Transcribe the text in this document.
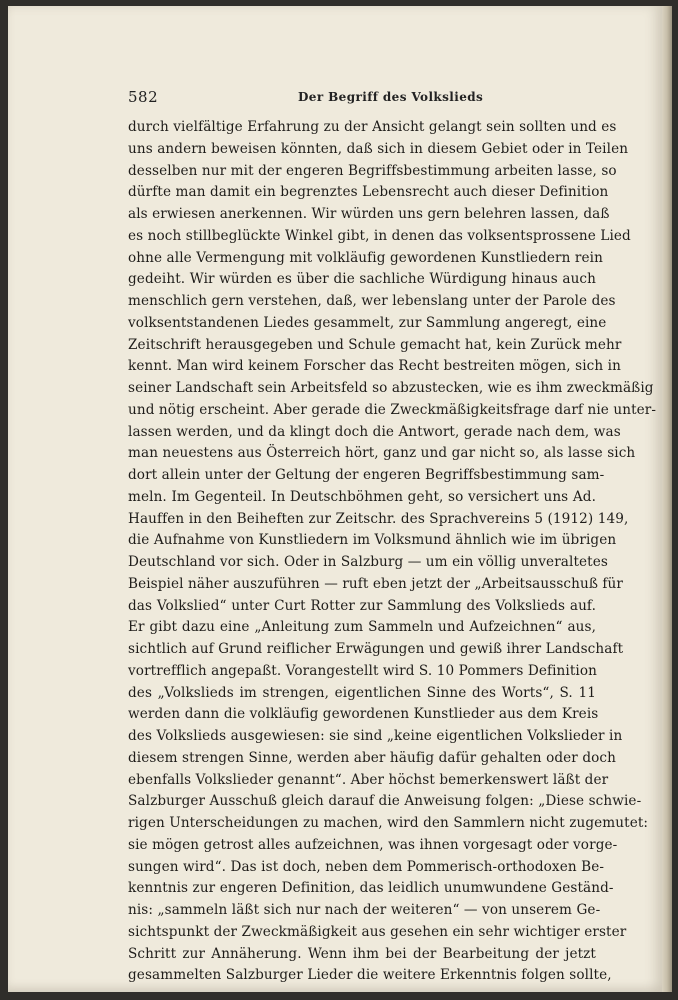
582	Der Begriff des Volkslieds
durch vielfältige Erfahrung zu der Ansicht gelangt sein sollten und es
uns andern beweisen könnten, daß sich in diesem Gebiet oder in Teilen
desselben nur mit der engeren Begriffsbestimmung arbeiten lasse, so
dürfte man damit ein begrenztes Lebensrecht auch dieser Definition
als erwiesen anerkennen. Wir würden uns gern belehren lassen, daß
es noch stillbeglückte Winkel gibt, in denen das volksentsprossene Lied
ohne alle Vermengung mit volkläufig gewordenen Kunstliedern rein
gedeiht. Wir würden es über die sachliche Würdigung hinaus auch
menschlich gern verstehen, daß, wer lebenslang unter der Parole des
volksentstandenen Liedes gesammelt, zur Sammlung angeregt, eine
Zeitschrift herausgegeben und Schule gemacht hat, kein Zurück mehr
kennt. Man wird keinem Forscher das Recht bestreiten mögen, sich in
seiner Landschaft sein Arbeitsfeld so abzustecken, wie es ihm zweckmäßig
und nötig erscheint. Aber gerade die Zweckmäßigkeitsfrage darf nie unter-
lassen werden, und da klingt doch die Antwort, gerade nach dem, was
man neuestens aus Österreich hört, ganz und gar nicht so, als lasse sich
dort allein unter der Geltung der engeren Begriffsbestimmung sam-
meln. Im Gegenteil. In Deutschböhmen geht, so versichert uns Ad.
Hauffen in den Beiheften zur Zeitschr. des Sprachvereins 5 (1912) 149,
die Aufnahme von Kunstliedern im Volksmund ähnlich wie im übrigen
Deutschland vor sich. Oder in Salzburg — um ein völlig unveraltetes
Beispiel näher auszuführen — ruft eben jetzt der „Arbeitsausschuß für
das Volkslied“ unter Curt Rotter zur Sammlung des Volkslieds auf.
Er gibt dazu eine „Anleitung zum Sammeln und Aufzeichnen“ aus,
sichtlich auf Grund reiflicher Erwägungen und gewiß ihrer Landschaft
vortrefflich angepaßt. Vorangestellt wird S. 10 Pommers Definition
des „Volkslieds im strengen, eigentlichen Sinne des Worts“, S. 11
werden dann die volkläufig gewordenen Kunstlieder aus dem Kreis
des Volkslieds ausgewiesen: sie sind „keine eigentlichen Volkslieder in
diesem strengen Sinne, werden aber häufig dafür gehalten oder doch
ebenfalls Volkslieder genannt“. Aber höchst bemerkenswert läßt der
Salzburger Ausschuß gleich darauf die Anweisung folgen: „Diese schwie-
rigen Unterscheidungen zu machen, wird den Sammlern nicht zugemutet:
sie mögen getrost alles aufzeichnen, was ihnen vorgesagt oder vorge-
sungen wird“. Das ist doch, neben dem Pommerisch-orthodoxen Be-
kenntnis zur engeren Definition, das leidlich unumwundene Geständ-
nis: „sammeln läßt sich nur nach der weiteren“ — von unserem Ge-
sichtspunkt der Zweckmäßigkeit aus gesehen ein sehr wichtiger erster
Schritt zur Annäherung. Wenn ihm bei der Bearbeitung der jetzt
gesammelten Salzburger Lieder die weitere Erkenntnis folgen sollte,
